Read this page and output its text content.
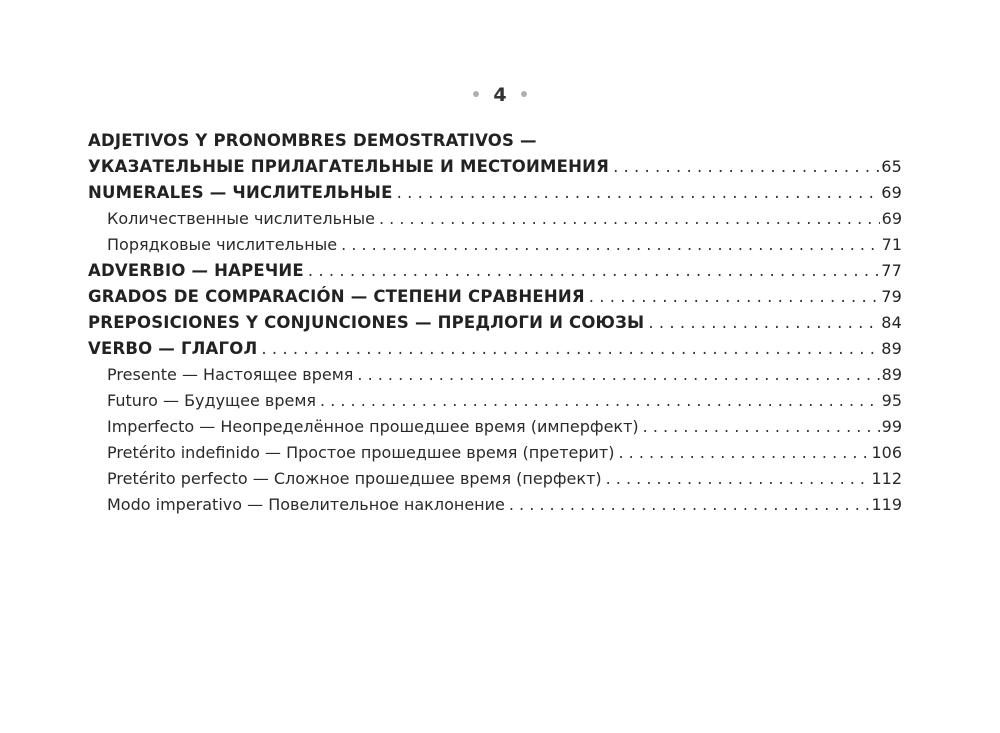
4
ADJETIVOS Y PRONOMBRES DEMOSTRATIVOS —
УКАЗАТЕЛЬНЫЕ ПРИЛАГАТЕЛЬНЫЕ И МЕСТОИМЕНИЯ . . .	65
NUMERALES — ЧИСЛИТЕЛЬНЫЕ . . .	69
Количественные числительные . . .	69
Порядковые числительные . . .	71
ADVERBIO — НАРЕЧИЕ . . .	77
GRADOS DE COMPARACIÓN — СТЕПЕНИ СРАВНЕНИЯ . . .	79
PREPOSICIONES Y CONJUNCIONES — ПРЕДЛОГИ И СОЮЗЫ . . .	84
VERBO — ГЛАГОЛ . . .	89
Presente — Настоящее время . . .	89
Futuro — Будущее время . . .	95
Imperfecto — Неопределённое прошедшее время (имперфект) . . .	99
Pretérito indefinido — Простое прошедшее время (претерит) . . .	106
Pretérito perfecto — Сложное прошедшее время (перфект) . . .	112
Modo imperativo — Повелительное наклонение . . .	119
